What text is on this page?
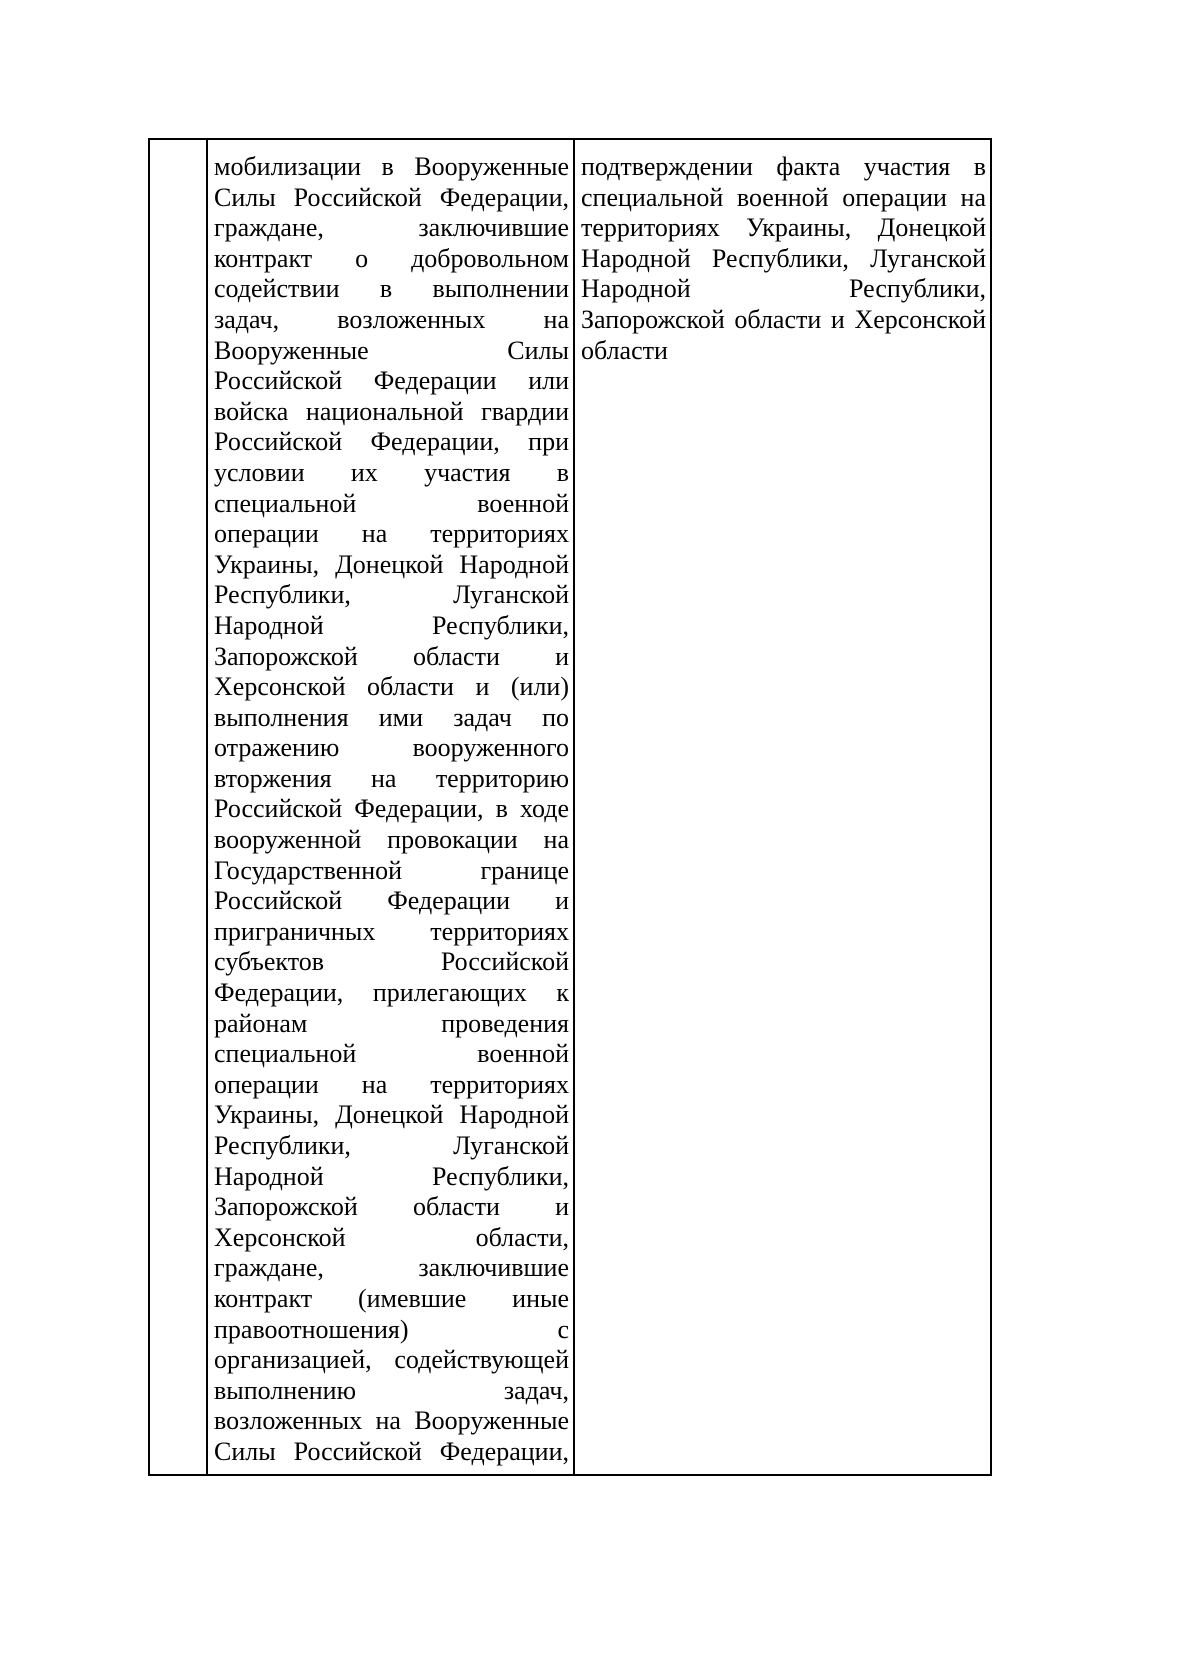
мобилизации в Вооруженные
Силы Российской Федерации,
граждане, заключившие
контракт о добровольном
содействии в выполнении
задач, возложенных на
Вооруженные Силы
Российской Федерации или
войска национальной гвардии
Российской Федерации, при
условии их участия в
специальной военной
операции на территориях
Украины, Донецкой Народной
Республики, Луганской
Народной Республики,
Запорожской области и
Херсонской области и (или)
выполнения ими задач по
отражению вооруженного
вторжения на территорию
Российской Федерации, в ходе
вооруженной провокации на
Государственной границе
Российской Федерации и
приграничных территориях
субъектов Российской
Федерации, прилегающих к
районам проведения
специальной военной
операции на территориях
Украины, Донецкой Народной
Республики, Луганской
Народной Республики,
Запорожской области и
Херсонской области,
граждане, заключившие
контракт (имевшие иные
правоотношения) с
организацией, содействующей
выполнению задач,
возложенных на Вооруженные
Силы Российской Федерации,
подтверждении факта участия в
специальной военной операции на
территориях Украины, Донецкой
Народной Республики, Луганской
Народной Республики,
Запорожской области и Херсонской
области
